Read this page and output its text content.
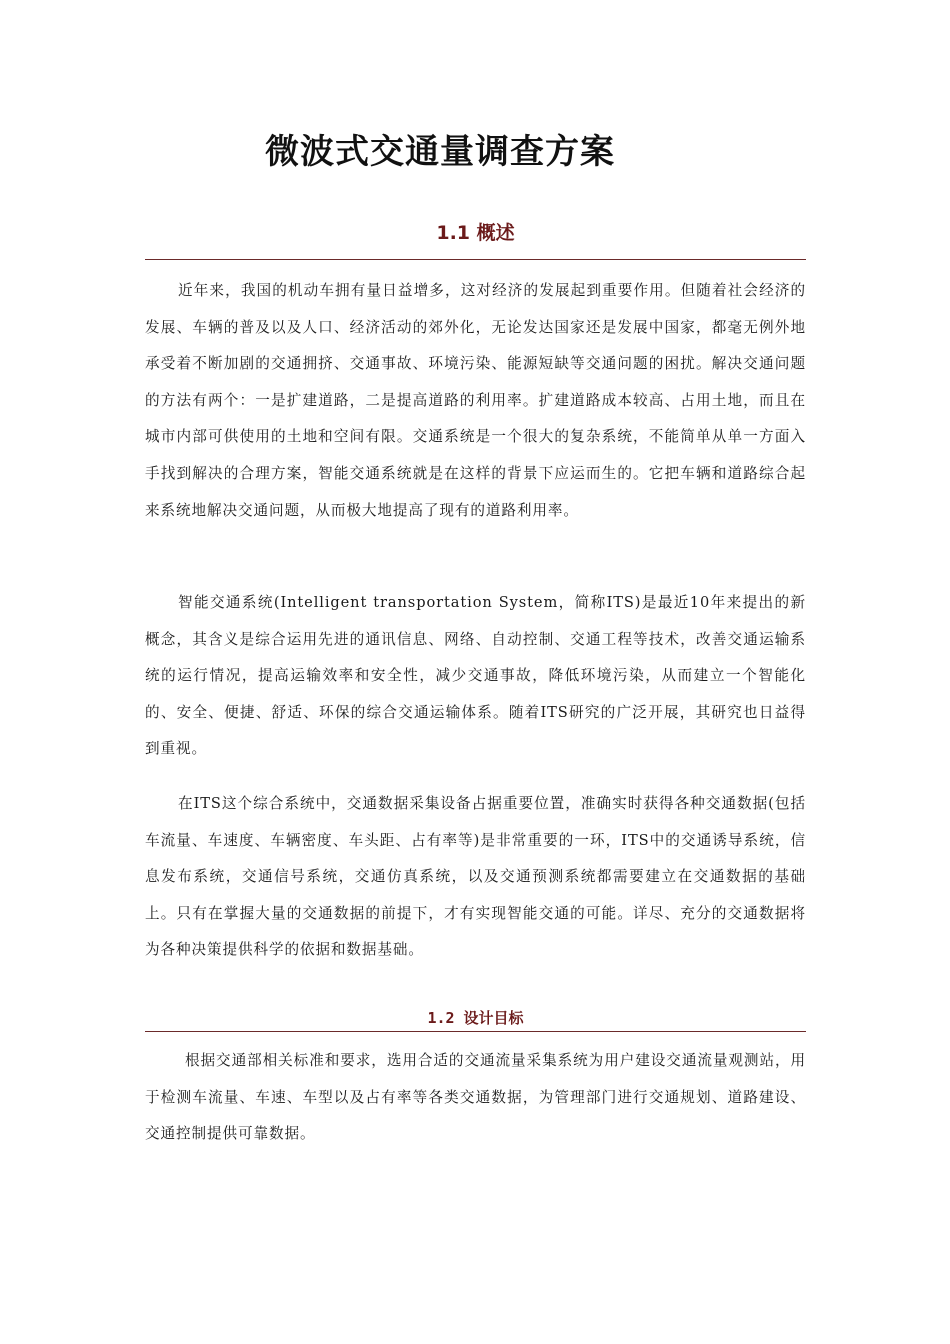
微波式交通量调查方案
1.1 概述

近年来，我国的机动车拥有量日益增多，这对经济的发展起到重要作用。但随着社会经济的发展、车辆的普及以及人口、经济活动的郊外化，无论发达国家还是发展中国家，都毫无例外地承受着不断加剧的交通拥挤、交通事故、环境污染、能源短缺等交通问题的困扰。解决交通问题的方法有两个：一是扩建道路，二是提高道路的利用率。扩建道路成本较高、占用土地，而且在城市内部可供使用的土地和空间有限。交通系统是一个很大的复杂系统，不能简单从单一方面入手找到解决的合理方案，智能交通系统就是在这样的背景下应运而生的。它把车辆和道路综合起来系统地解决交通问题，从而极大地提高了现有的道路利用率。

智能交通系统(Intelligent transportation System，简称ITS)是最近10年来提出的新概念，其含义是综合运用先进的通讯信息、网络、自动控制、交通工程等技术，改善交通运输系统的运行情况，提高运输效率和安全性，减少交通事故，降低环境污染，从而建立一个智能化的、安全、便捷、舒适、环保的综合交通运输体系。随着ITS研究的广泛开展，其研究也日益得到重视。

在ITS这个综合系统中，交通数据采集设备占据重要位置，准确实时获得各种交通数据(包括车流量、车速度、车辆密度、车头距、占有率等)是非常重要的一环，ITS中的交通诱导系统，信息发布系统，交通信号系统，交通仿真系统，以及交通预测系统都需要建立在交通数据的基础上。只有在掌握大量的交通数据的前提下，才有实现智能交通的可能。详尽、充分的交通数据将为各种决策提供科学的依据和数据基础。

1.2 设计目标

根据交通部相关标准和要求，选用合适的交通流量采集系统为用户建设交通流量观测站，用于检测车流量、车速、车型以及占有率等各类交通数据，为管理部门进行交通规划、道路建设、交通控制提供可靠数据。
